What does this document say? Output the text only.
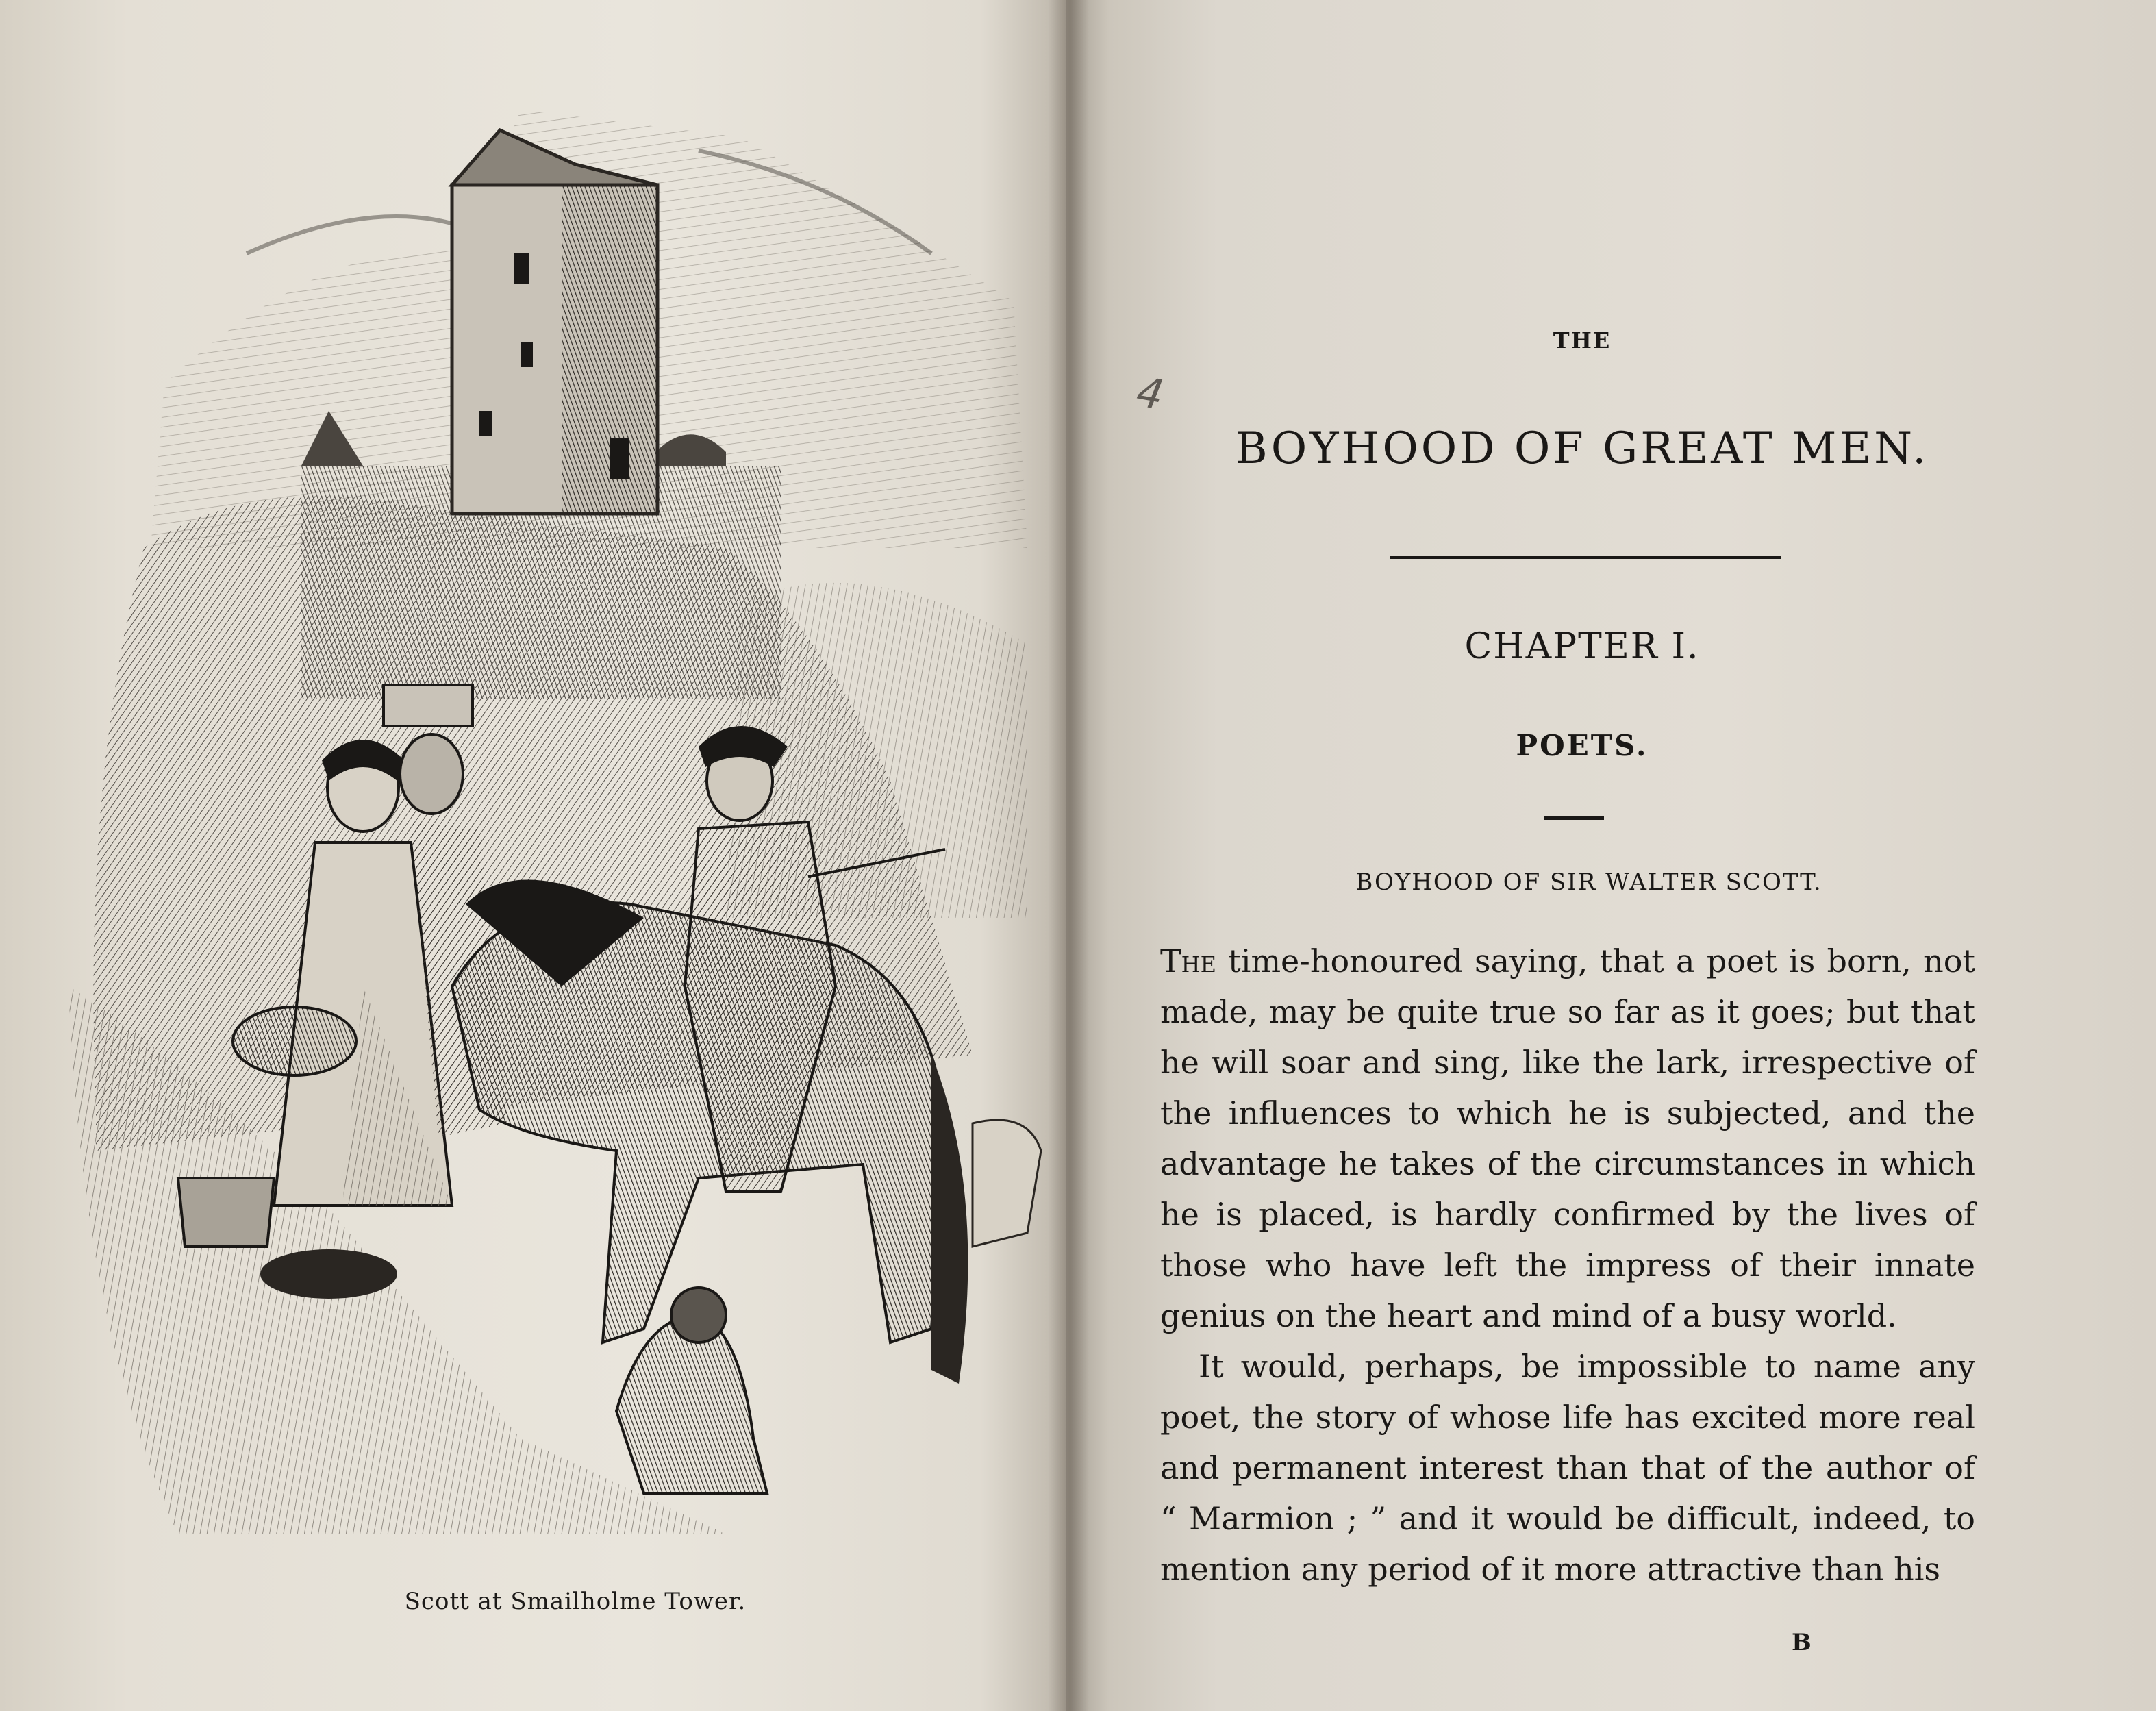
Scott at Smailholme Tower.
THE
4
BOYHOOD OF GREAT MEN.
CHAPTER I.
POETS.
BOYHOOD OF SIR WALTER SCOTT.

The time-honoured saying, that a poet is born, not made, may be quite true so far as it goes; but that he will soar and sing, like the lark, irrespective of the influences to which he is subjected, and the advantage he takes of the circumstances in which he is placed, is hardly confirmed by the lives of those who have left the impress of their innate genius on the heart and mind of a busy world.

It would, perhaps, be impossible to name any poet, the story of whose life has excited more real and permanent interest than that of the author of “ Marmion ; ” and it would be difficult, indeed, to mention any period of it more attractive than his

B
